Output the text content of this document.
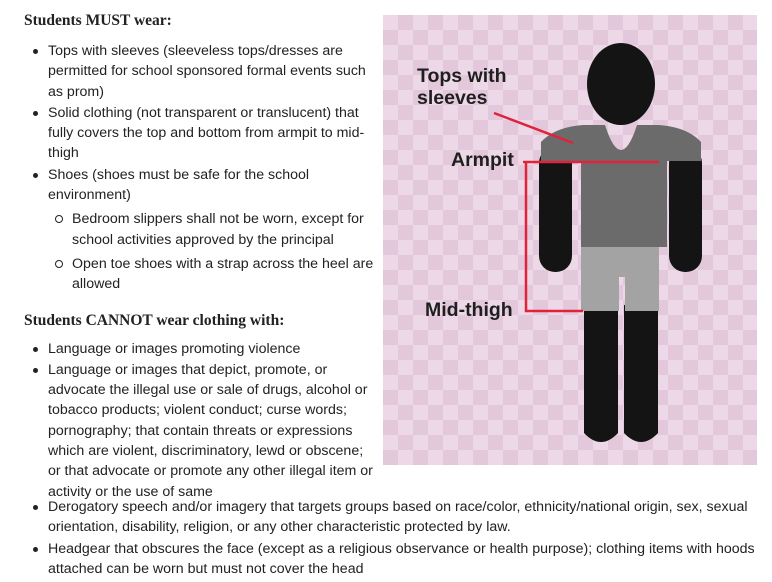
Students MUST wear:
Tops with sleeves (sleeveless tops/dresses are permitted for school sponsored formal events such as prom)
Solid clothing (not transparent or translucent) that fully covers the top and bottom from armpit to mid-thigh
Shoes (shoes must be safe for the school environment)
Bedroom slippers shall not be worn, except for school activities approved by the principal
Open toe shoes with a strap across the heel are allowed
Students CANNOT wear clothing with:
Language or images promoting violence
Language or images that depict, promote, or advocate the illegal use or sale of drugs, alcohol or tobacco products; violent conduct; curse words; pornography; that contain threats or expressions which are violent, discriminatory, lewd or obscene; or that advocate or promote any other illegal item or activity or the use of same
Derogatory speech and/or imagery that targets groups based on race/color, ethnicity/national origin, sex, sexual orientation, disability, religion, or any other characteristic protected by law.
Headgear that obscures the face (except as a religious observance or health purpose); clothing items with hoods attached can be worn but must not cover the head
Tops with
sleeves
Armpit
Mid-thigh
